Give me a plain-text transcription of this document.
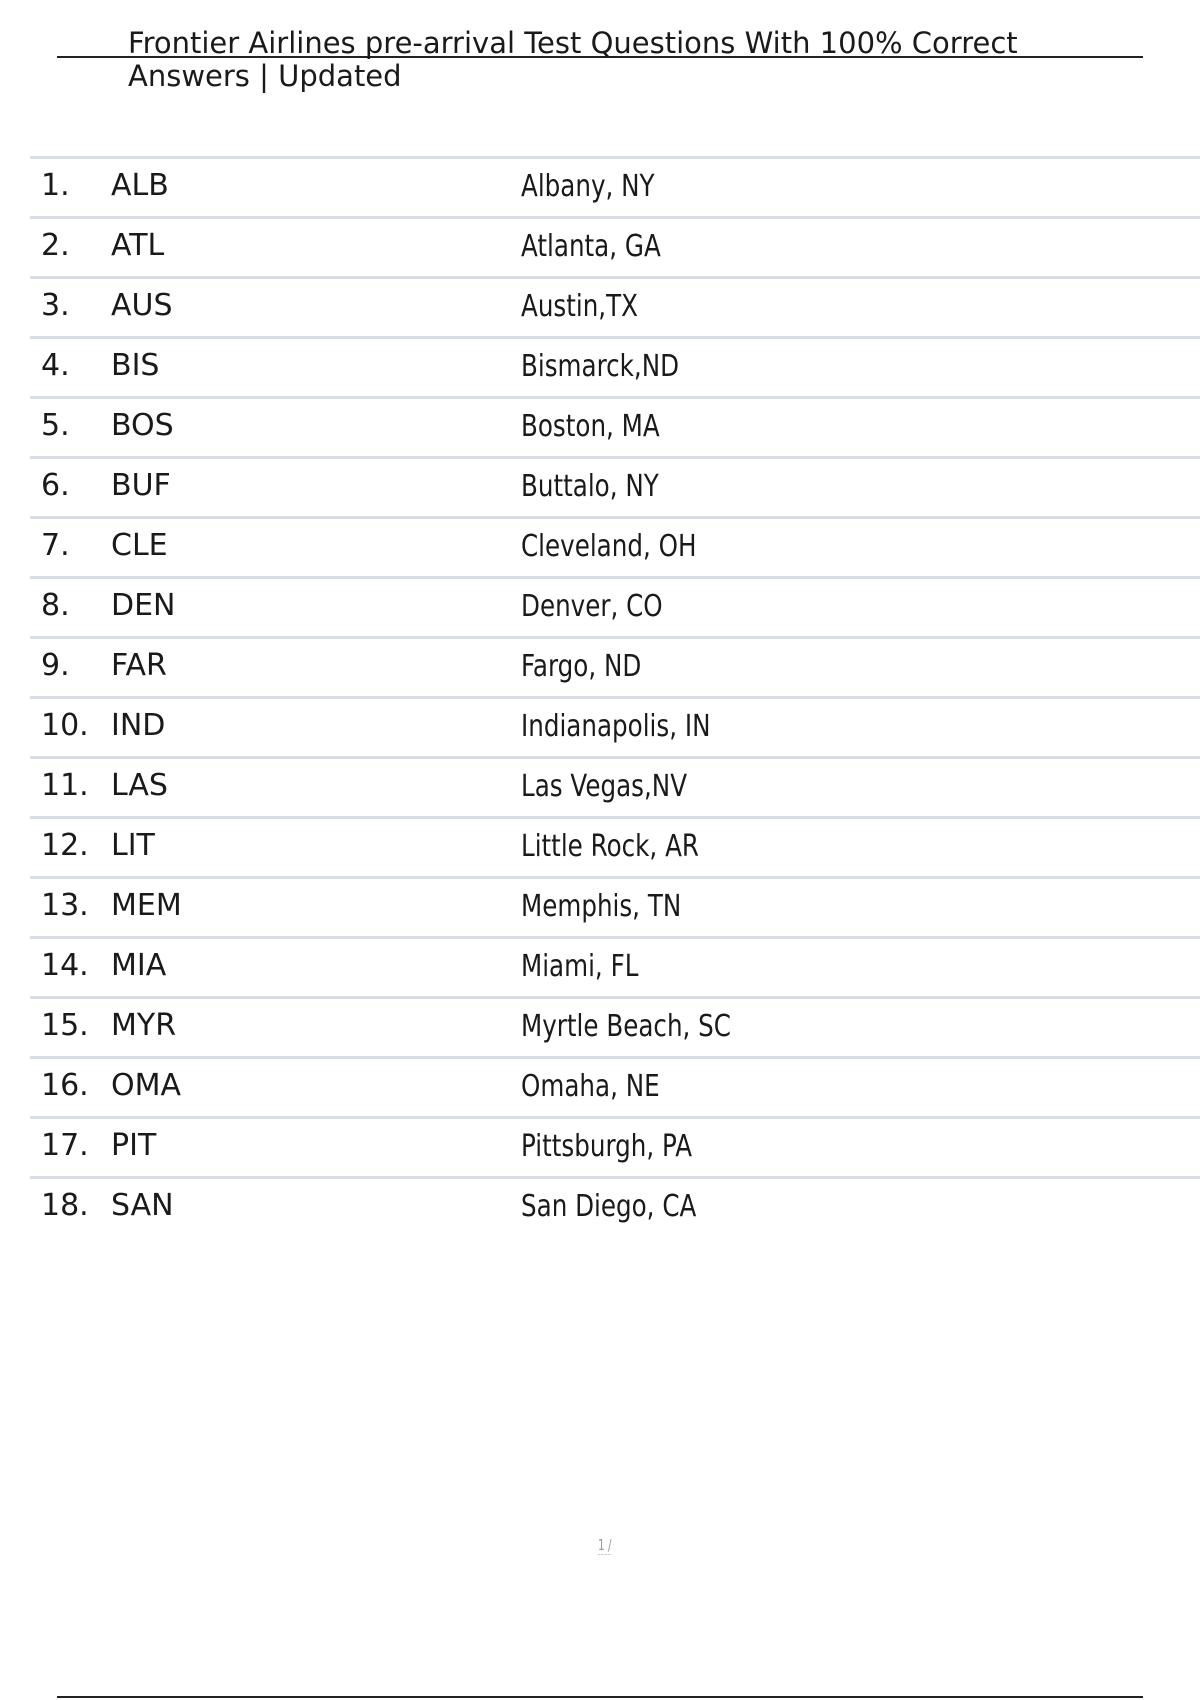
Frontier Airlines pre-arrival Test Questions With 100% Correct Answers | Updated
1. ALB	Albany, NY
2. ATL	Atlanta, GA
3. AUS	Austin,TX
4. BIS	Bismarck,ND
5. BOS	Boston, MA
6. BUF	Buttalo, NY
7. CLE	Cleveland, OH
8. DEN	Denver, CO
9. FAR	Fargo, ND
10. IND	Indianapolis, IN
11. LAS	Las Vegas,NV
12. LIT	Little Rock, AR
13. MEM	Memphis, TN
14. MIA	Miami, FL
15. MYR	Myrtle Beach, SC
16. OMA	Omaha, NE
17. PIT	Pittsburgh, PA
18. SAN	San Diego, CA
1 /
